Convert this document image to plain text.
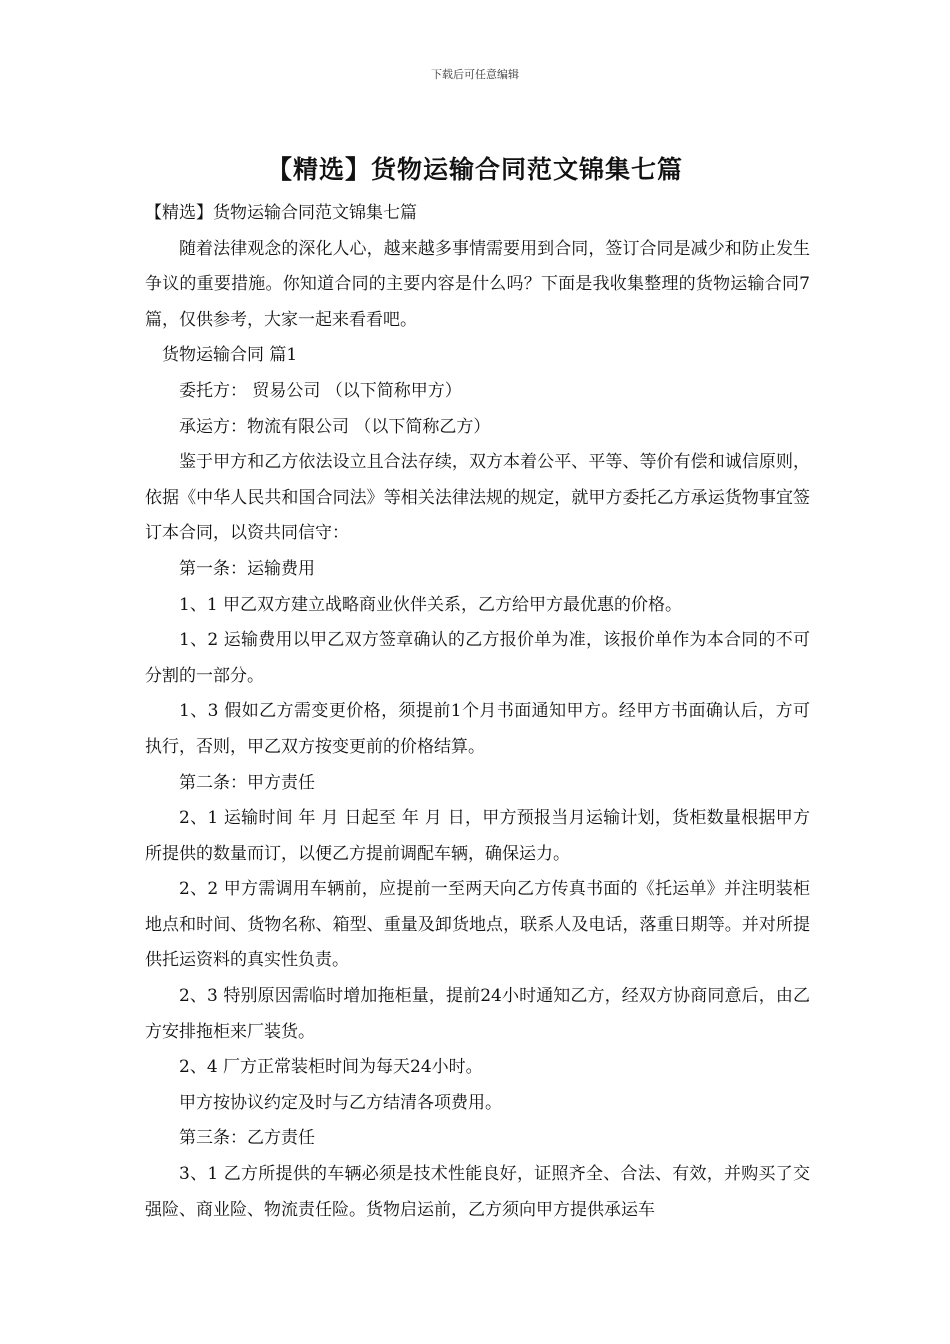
下载后可任意编辑
【精选】货物运输合同范文锦集七篇

【精选】货物运输合同范文锦集七篇

随着法律观念的深化人心，越来越多事情需要用到合同，签订合同是减少和防止发生争议的重要措施。你知道合同的主要内容是什么吗？下面是我收集整理的货物运输合同7篇，仅供参考，大家一起来看看吧。

货物运输合同 篇1

委托方： 贸易公司 （以下简称甲方）

承运方：物流有限公司 （以下简称乙方）

鉴于甲方和乙方依法设立且合法存续，双方本着公平、平等、等价有偿和诚信原则，依据《中华人民共和国合同法》等相关法律法规的规定，就甲方委托乙方承运货物事宜签订本合同，以资共同信守：

第一条：运输费用

1、1 甲乙双方建立战略商业伙伴关系，乙方给甲方最优惠的价格。

1、2 运输费用以甲乙双方签章确认的乙方报价单为准，该报价单作为本合同的不可分割的一部分。

1、3 假如乙方需变更价格，须提前1个月书面通知甲方。经甲方书面确认后，方可执行，否则，甲乙双方按变更前的价格结算。

第二条：甲方责任

2、1 运输时间 年 月 日起至 年 月 日，甲方预报当月运输计划，货柜数量根据甲方所提供的数量而订，以便乙方提前调配车辆，确保运力。

2、2 甲方需调用车辆前，应提前一至两天向乙方传真书面的《托运单》并注明装柜地点和时间、货物名称、箱型、重量及卸货地点，联系人及电话，落重日期等。并对所提供托运资料的真实性负责。

2、3 特别原因需临时增加拖柜量，提前24小时通知乙方，经双方协商同意后，由乙方安排拖柜来厂装货。

2、4 厂方正常装柜时间为每天24小时。

甲方按协议约定及时与乙方结清各项费用。

第三条：乙方责任

3、1 乙方所提供的车辆必须是技术性能良好，证照齐全、合法、有效，并购买了交强险、商业险、物流责任险。货物启运前，乙方须向甲方提供承运车
